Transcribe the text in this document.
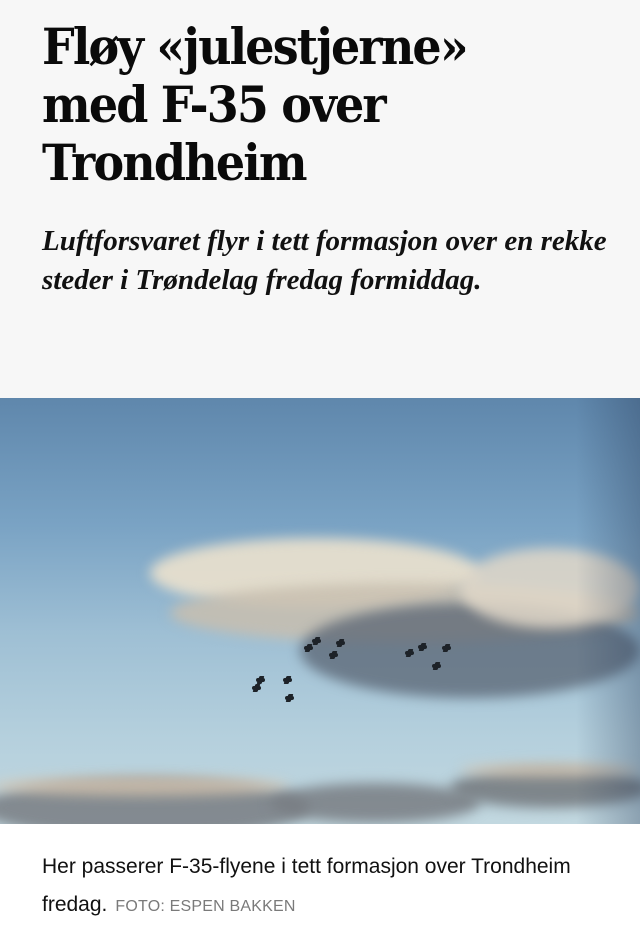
Fløy «julestjerne» med F-35 over Trondheim

Luftforsvaret flyr i tett formasjon over en rekke steder i Trøndelag fredag formiddag.

Her passerer F-35-flyene i tett formasjon over Trondheim fredag. FOTO: ESPEN BAKKEN
